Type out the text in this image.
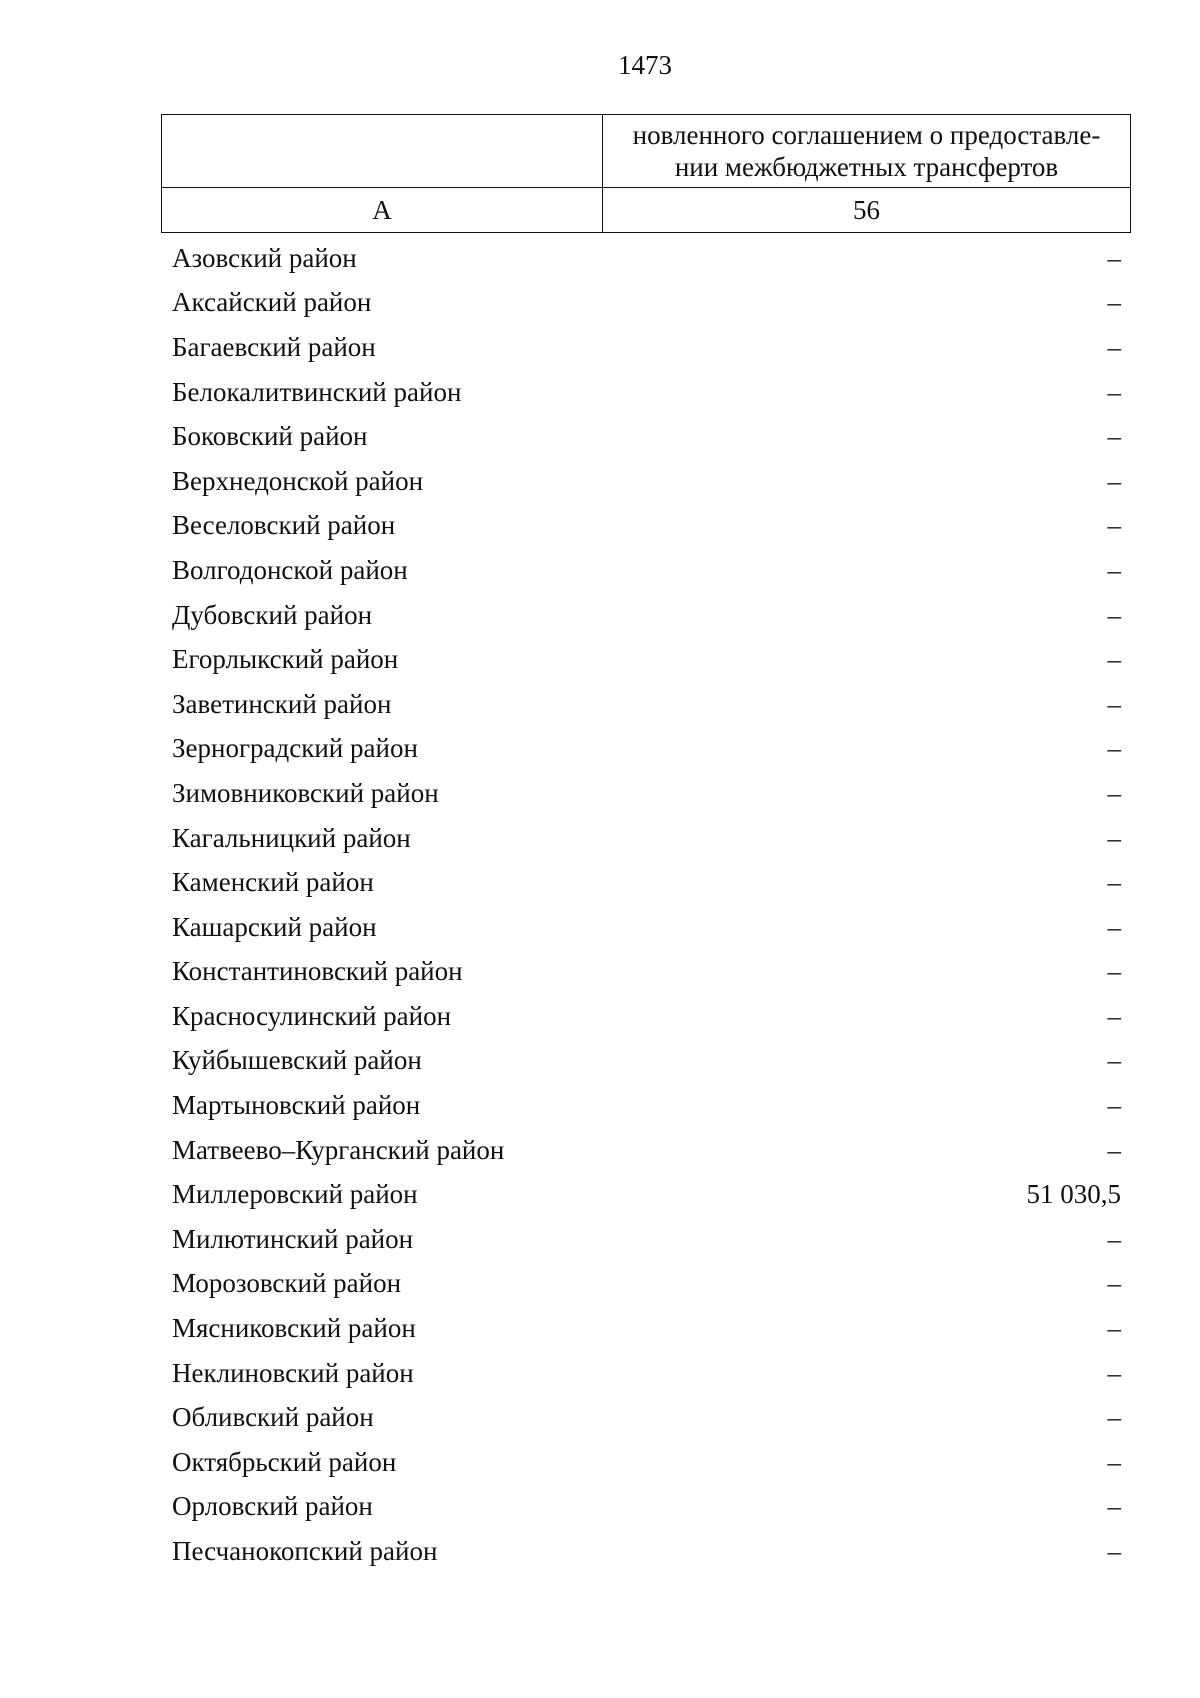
1473

	новленного соглашением о предоставле-
нии межбюджетных трансфертов

А	56
Азовский район	–
Аксайский район	–
Багаевский район	–
Белокалитвинский район	–
Боковский район	–
Верхнедонской район	–
Веселовский район	–
Волгодонской район	–
Дубовский район	–
Егорлыкский район	–
Заветинский район	–
Зерноградский район	–
Зимовниковский район	–
Кагальницкий район	–
Каменский район	–
Кашарский район	–
Константиновский район	–
Красносулинский район	–
Куйбышевский район	–
Мартыновский район	–
Матвеево–Курганский район	–
Миллеровский район	51 030,5
Милютинский район	–
Морозовский район	–
Мясниковский район	–
Неклиновский район	–
Обливский район	–
Октябрьский район	–
Орловский район	–
Песчанокопский район	–
